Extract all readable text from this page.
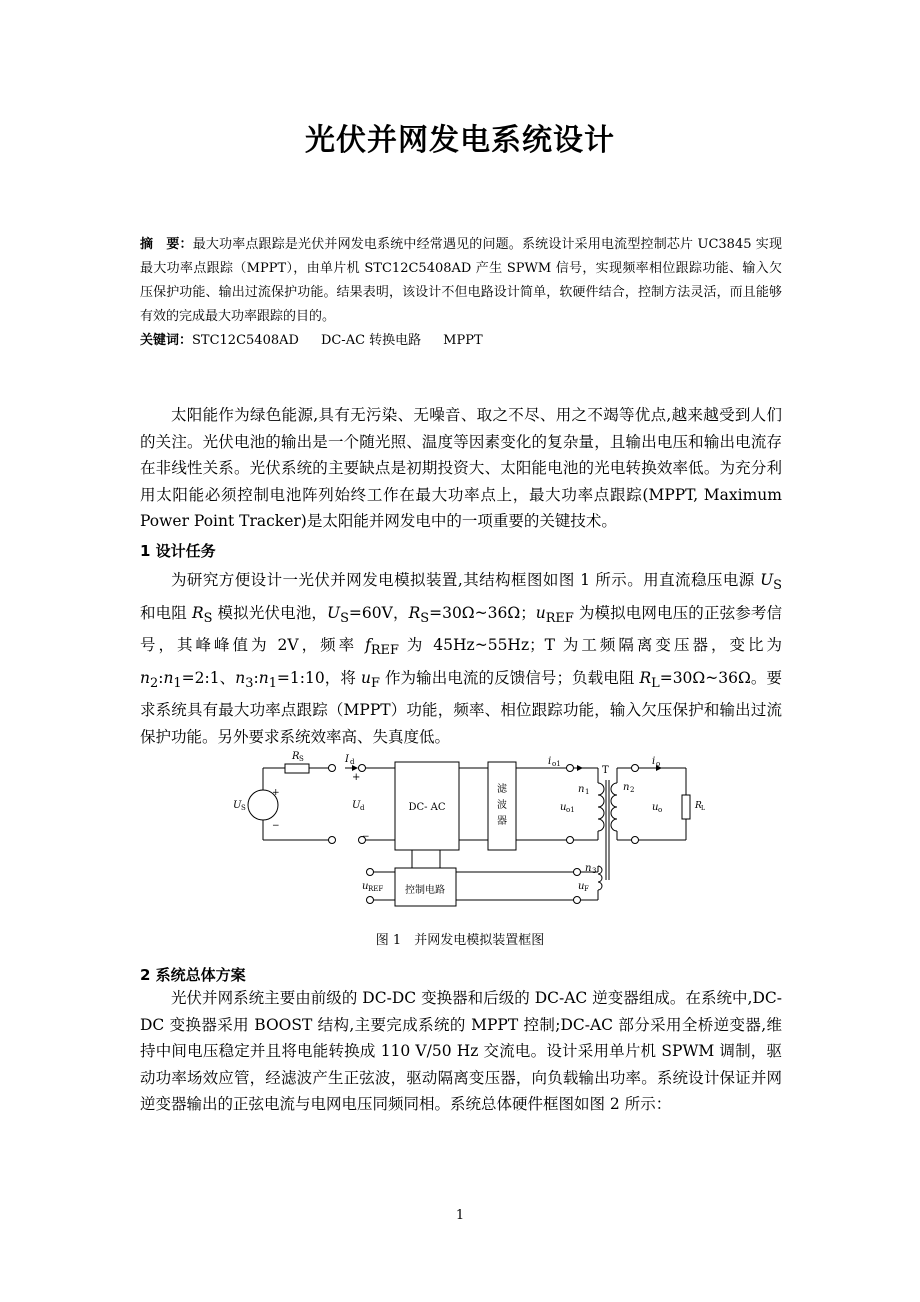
光伏并网发电系统设计
摘　要：最大功率点跟踪是光伏并网发电系统中经常遇见的问题。系统设计采用电流型控制芯片 UC3845 实现最大功率点跟踪（MPPT），由单片机 STC12C5408AD 产生 SPWM 信号，实现频率相位跟踪功能、输入欠压保护功能、输出过流保护功能。结果表明，该设计不但电路设计简单，软硬件结合，控制方法灵活，而且能够有效的完成最大功率跟踪的目的。
关键词：STC12C5408AD DC-AC 转换电路 MPPT
太阳能作为绿色能源,具有无污染、无噪音、取之不尽、用之不竭等优点,越来越受到人们的关注。光伏电池的输出是一个随光照、温度等因素变化的复杂量，且输出电压和输出电流存在非线性关系。光伏系统的主要缺点是初期投资大、太阳能电池的光电转换效率低。为充分利用太阳能必须控制电池阵列始终工作在最大功率点上，最大功率点跟踪(MPPT, Maximum Power Point Tracker)是太阳能并网发电中的一项重要的关键技术。
1 设计任务
为研究方便设计一光伏并网发电模拟装置,其结构框图如图 1 所示。用直流稳压电源 $U_S$ 和电阻 $R_S$ 模拟光伏电池，$U_S=60V$，$R_S=30\Omega\sim 36\Omega$；$u_{REF}$ 为模拟电网电压的正弦参考信号，其峰峰值为 2V，频率 $f_{REF}$ 为 45Hz~55Hz；T 为工频隔离变压器，变比为 $n_2:n_1=2:1$、$n_3:n_1=1:10$，将 $u_F$ 作为输出电流的反馈信号；负载电阻 $R_L=30\Omega\sim 36\Omega$。要求系统具有最大功率点跟踪（MPPT）功能，频率、相位跟踪功能，输入欠压保护和输出过流保护功能。另外要求系统效率高、失真度低。
R S	I d
+
+
−
−
U S	U d	DC- AC
滤
波
器
i o1
u o1
T
n 1	n 2
n 3
i o
u o	R L
u REF	u F
控制电路
图 1　并网发电模拟装置框图
2 系统总体方案
光伏并网系统主要由前级的 DC-DC 变换器和后级的 DC-AC 逆变器组成。在系统中,DC-DC 变换器采用 BOOST 结构,主要完成系统的 MPPT 控制;DC-AC 部分采用全桥逆变器,维持中间电压稳定并且将电能转换成 110 V/50 Hz 交流电。设计采用单片机 SPWM 调制，驱动功率场效应管，经滤波产生正弦波，驱动隔离变压器，向负载输出功率。系统设计保证并网逆变器输出的正弦电流与电网电压同频同相。系统总体硬件框图如图 2 所示：
1
